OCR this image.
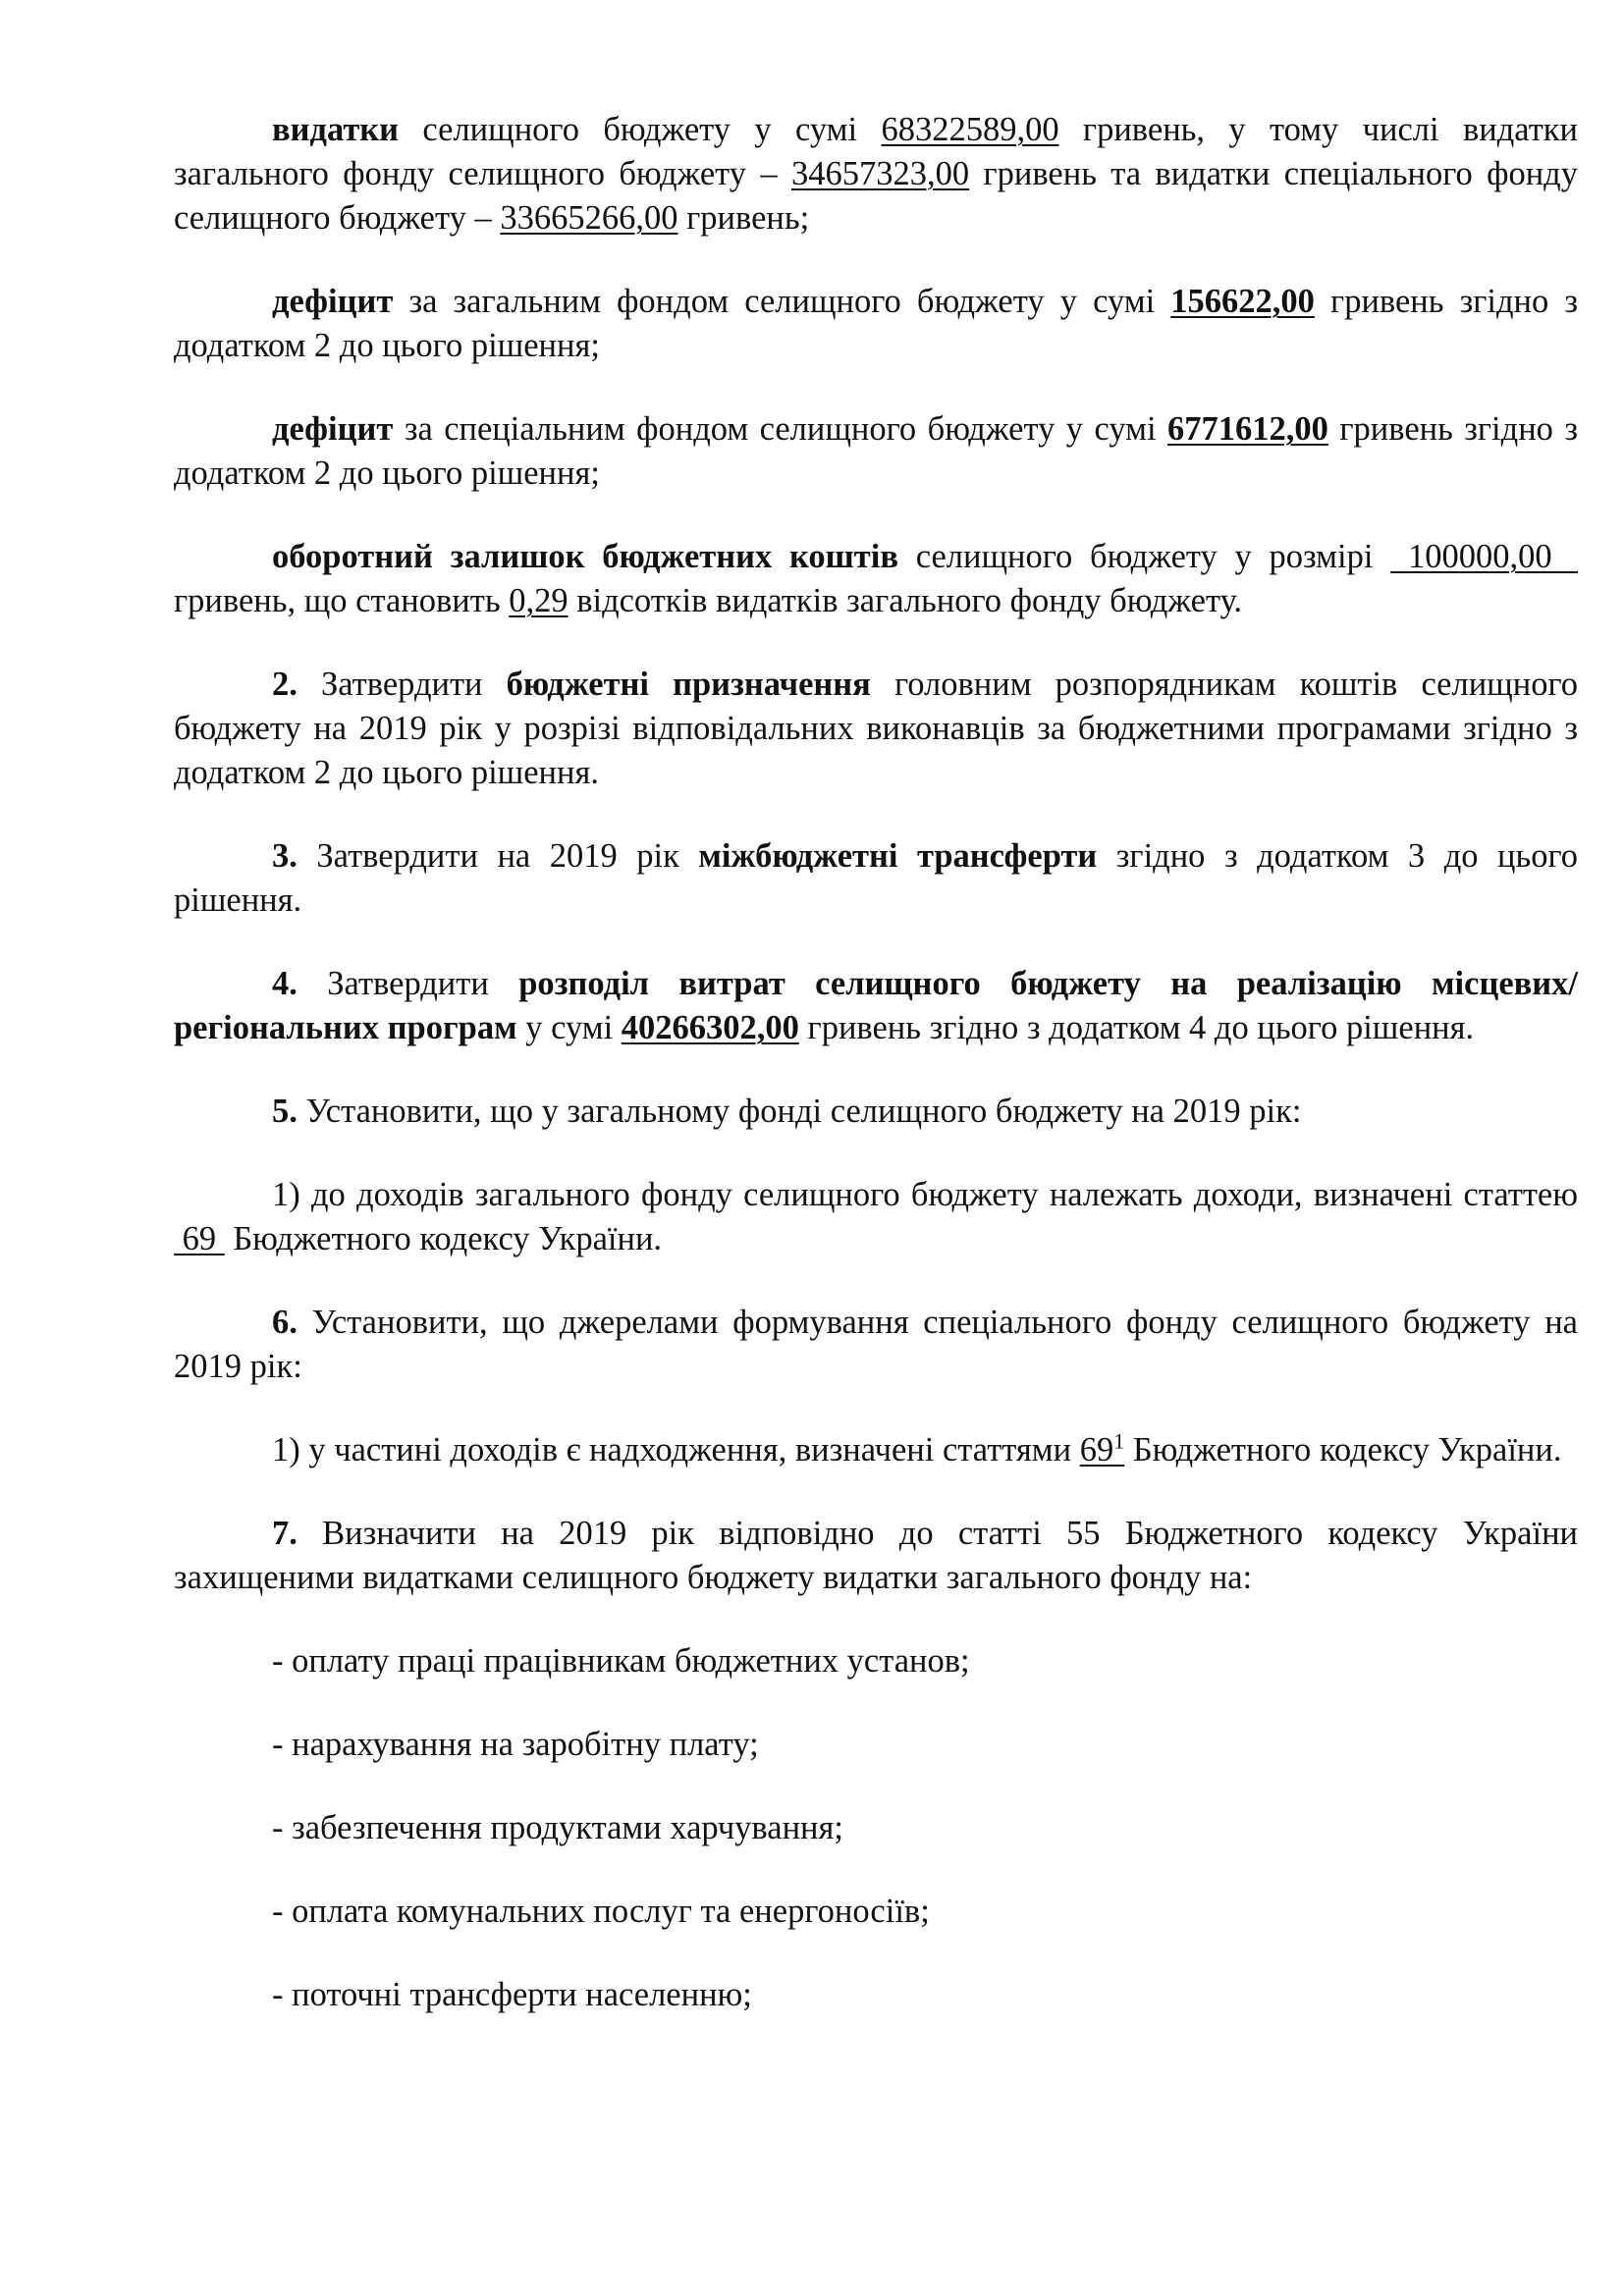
видатки селищного бюджету у сумі 68322589,00 гривень, у тому числі видатки загального фонду селищного бюджету – 34657323,00 гривень та видатки спеціального фонду селищного бюджету – 33665266,00 гривень;

дефіцит за загальним фондом селищного бюджету у сумі 156622,00 гривень згідно з додатком 2 до цього рішення;

дефіцит за спеціальним фондом селищного бюджету у сумі 6771612,00 гривень згідно з додатком 2 до цього рішення;

оборотний залишок бюджетних коштів селищного бюджету у розмірі  100000,00   гривень, що становить 0,29 відсотків видатків загального фонду бюджету.

2. Затвердити бюджетні призначення головним розпорядникам коштів селищного бюджету на 2019 рік у розрізі відповідальних виконавців за бюджетними програмами згідно з додатком 2 до цього рішення.

3. Затвердити на 2019 рік міжбюджетні трансферти згідно з додатком 3 до цього рішення.

4. Затвердити розподіл витрат селищного бюджету на реалізацію місцевих/регіональних програм у сумі 40266302,00 гривень згідно з додатком 4 до цього рішення.

5. Установити, що у загальному фонді селищного бюджету на 2019 рік:

1) до доходів загального фонду селищного бюджету належать доходи, визначені статтею  69  Бюджетного кодексу України.

6. Установити, що джерелами формування спеціального фонду селищного бюджету на 2019 рік:

1) у частині доходів є надходження, визначені статтями $69^1$ Бюджетного кодексу України.

7. Визначити на 2019 рік відповідно до статті 55 Бюджетного кодексу України захищеними видатками селищного бюджету видатки загального фонду на:

- оплату праці працівникам бюджетних установ;
- нарахування на заробітну плату;
- забезпечення продуктами харчування;
- оплата комунальних послуг та енергоносіїв;
- поточні трансферти населенню;
